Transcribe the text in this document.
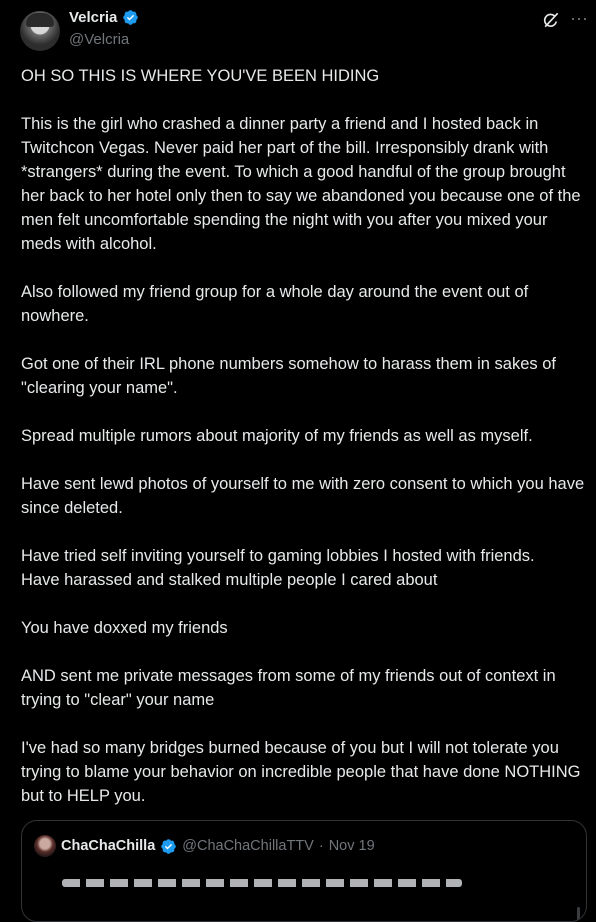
Velcria
@Velcria
···

OH SO THIS IS WHERE YOU'VE BEEN HIDING

This is the girl who crashed a dinner party a friend and I hosted back in Twitchcon Vegas. Never paid her part of the bill. Irresponsibly drank with *strangers* during the event. To which a good handful of the group brought her back to her hotel only then to say we abandoned you because one of the men felt uncomfortable spending the night with you after you mixed your meds with alcohol.

Also followed my friend group for a whole day around the event out of nowhere.

Got one of their IRL phone numbers somehow to harass them in sakes of "clearing your name".

Spread multiple rumors about majority of my friends as well as myself.

Have sent lewd photos of yourself to me with zero consent to which you have since deleted.

Have tried self inviting yourself to gaming lobbies I hosted with friends.
Have harassed and stalked multiple people I cared about

You have doxxed my friends

AND sent me private messages from some of my friends out of context in trying to "clear" your name

I've had so many bridges burned because of you but I will not tolerate you trying to blame your behavior on incredible people that have done NOTHING but to HELP you.

ChaChaChilla @ChaChaChillaTTV · Nov 19
